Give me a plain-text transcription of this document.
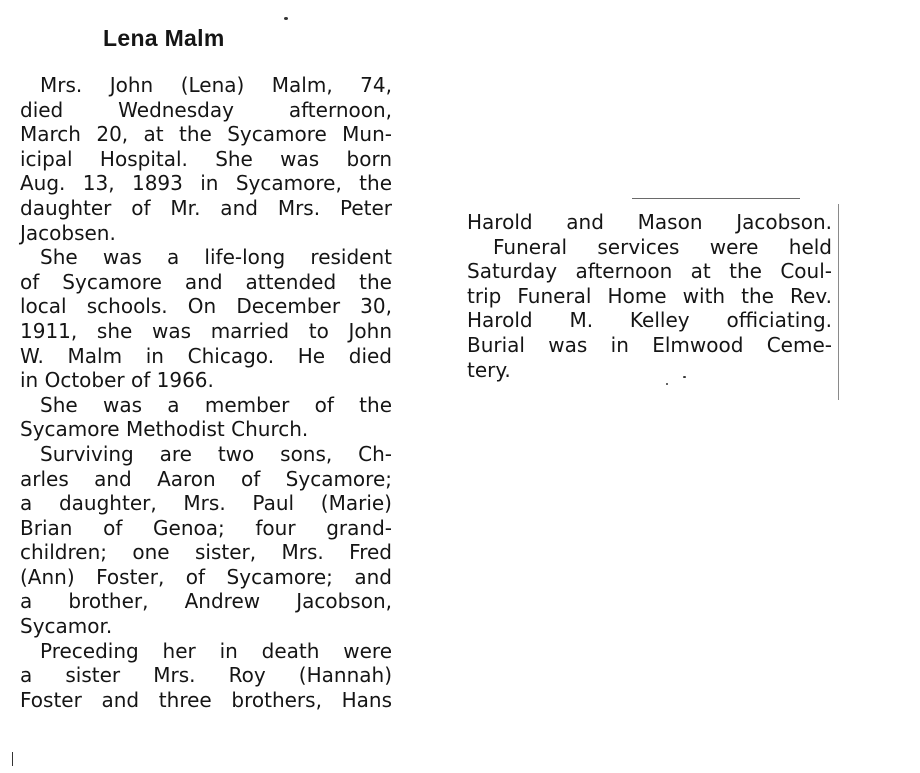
Lena Malm
Mrs. John (Lena) Malm, 74,
died Wednesday afternoon,
March 20, at the Sycamore Mun-
icipal Hospital. She was born
Aug. 13, 1893 in Sycamore, the
daughter of Mr. and Mrs. Peter
Jacobsen.
She was a life-long resident
of Sycamore and attended the
local schools. On December 30,
1911, she was married to John
W. Malm in Chicago. He died
in October of 1966.
She was a member of the
Sycamore Methodist Church.
Surviving are two sons, Ch-
arles and Aaron of Sycamore;
a daughter, Mrs. Paul (Marie)
Brian of Genoa; four grand-
children; one sister, Mrs. Fred
(Ann) Foster, of Sycamore; and
a brother, Andrew Jacobson,
Sycamor.
Preceding her in death were
a sister Mrs. Roy (Hannah)
Foster and three brothers, Hans
Harold and Mason Jacobson.
Funeral services were held
Saturday afternoon at the Coul-
trip Funeral Home with the Rev.
Harold M. Kelley officiating.
Burial was in Elmwood Ceme-
tery.
